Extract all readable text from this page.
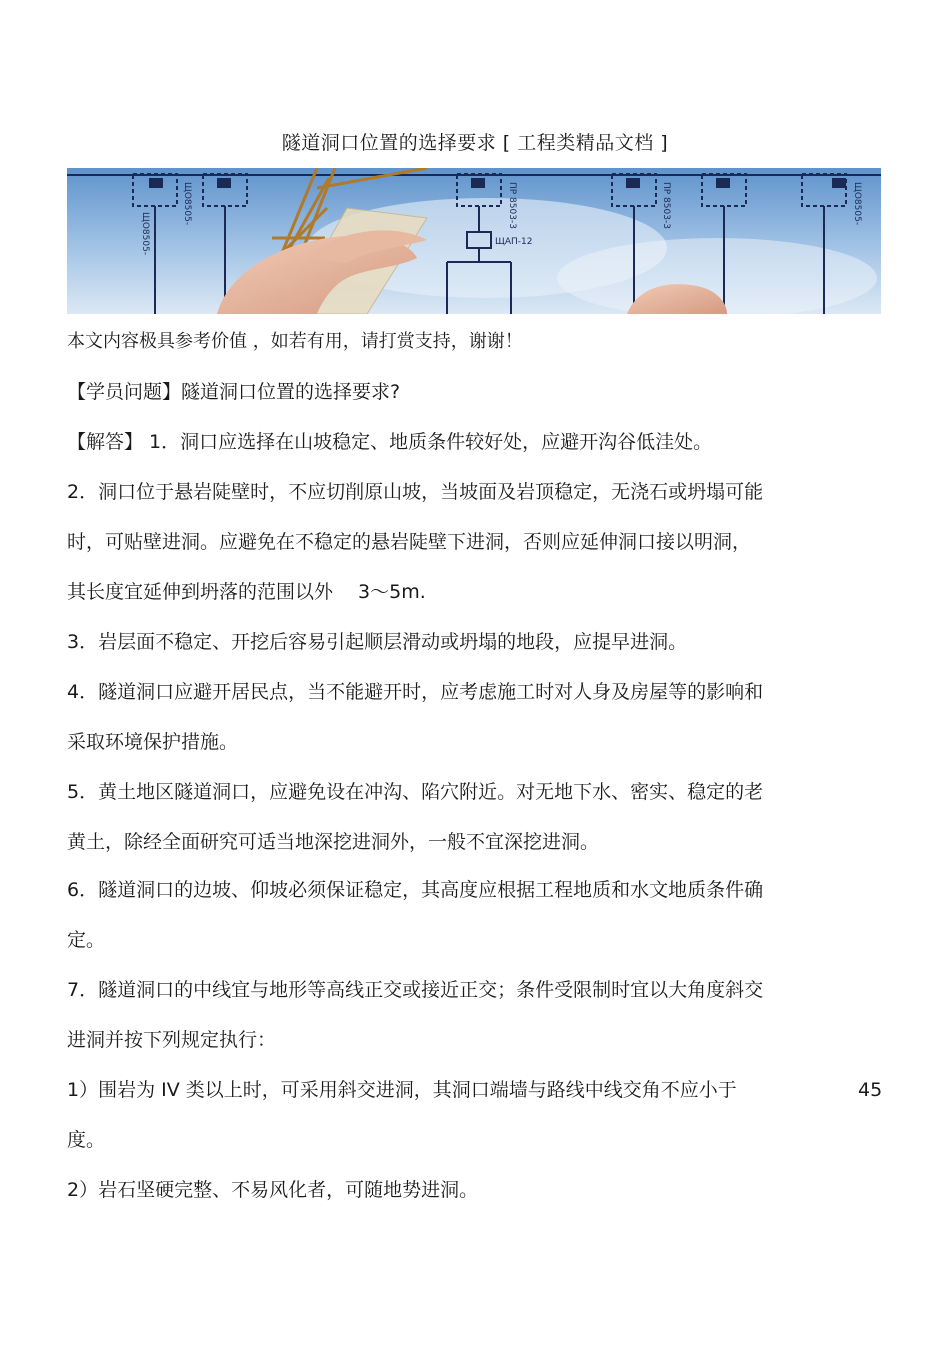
隧道洞口位置的选择要求 [ 工程类精品文档 ]
ЩО8505-
ЩО8505-	ПР 8503-3	ПР 8503-3
ЩАП-12
ЩО8505-
本文内容极具参考价值 ，如若有用，请打赏支持，谢谢！
【学员问题】隧道洞口位置的选择要求?
【解答】 1．洞口应选择在山坡稳定、地质条件较好处，应避开沟谷低洼处。
2．洞口位于悬岩陡壁时，不应切削原山坡，当坡面及岩顶稳定，无浇石或坍塌可能
时，可贴壁进洞。应避免在不稳定的悬岩陡壁下进洞，否则应延伸洞口接以明洞，
其长度宜延伸到坍落的范围以外　 3～5m.
3．岩层面不稳定、开挖后容易引起顺层滑动或坍塌的地段，应提早进洞。
4．隧道洞口应避开居民点，当不能避开时，应考虑施工时对人身及房屋等的影响和
采取环境保护措施。
5．黄土地区隧道洞口，应避免设在冲沟、陷穴附近。对无地下水、密实、稳定的老
黄土，除经全面研究可适当地深挖进洞外，一般不宜深挖进洞。
6．隧道洞口的边坡、仰坡必须保证稳定，其高度应根据工程地质和水文地质条件确
定。
7．隧道洞口的中线宜与地形等高线正交或接近正交；条件受限制时宜以大角度斜交
进洞并按下列规定执行：
1）围岩为 IV 类以上时，可采用斜交进洞，其洞口端墙与路线中线交角不应小于	45
度。
2）岩石坚硬完整、不易风化者，可随地势进洞。
